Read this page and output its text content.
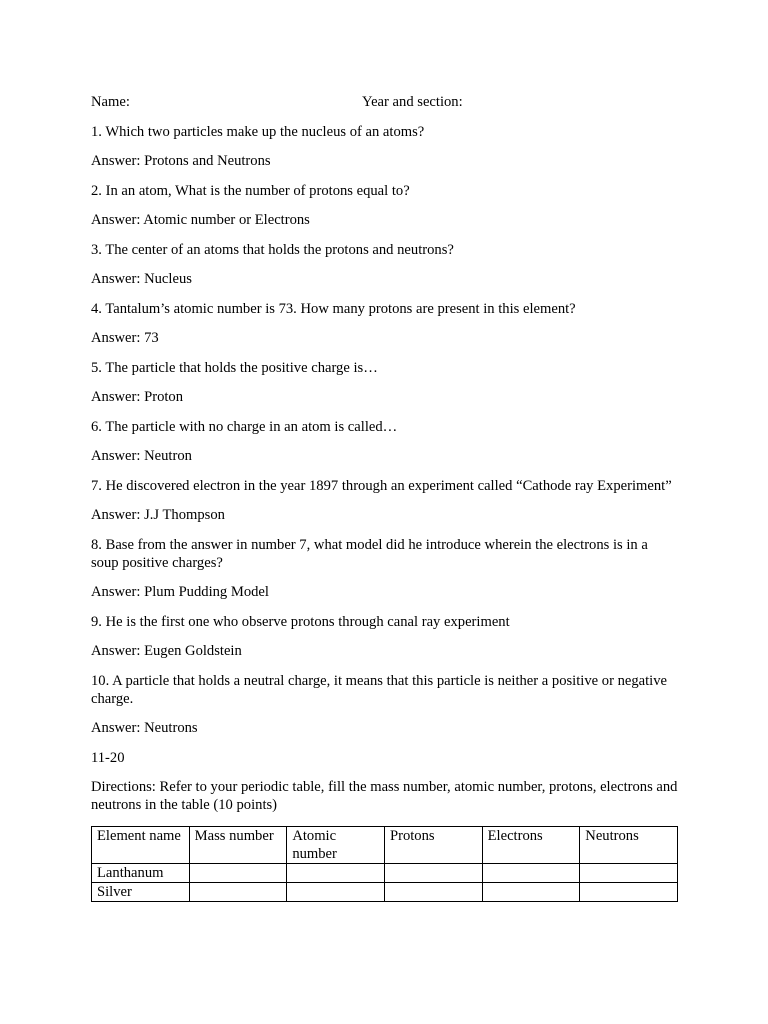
Name:	Year and section:

1. Which two particles make up the nucleus of an atoms?

Answer: Protons and Neutrons

2. In an atom, What is the number of protons equal to?

Answer: Atomic number or Electrons

3. The center of an atoms that holds the protons and neutrons?

Answer: Nucleus

4. Tantalum’s atomic number is 73. How many protons are present in this element?

Answer: 73

5. The particle that holds the positive charge is…

Answer: Proton

6. The particle with no charge in an atom is called…

Answer: Neutron

7. He discovered electron in the year 1897 through an experiment called “Cathode ray Experiment”

Answer: J.J Thompson

8. Base from the answer in number 7, what model did he introduce wherein the electrons is in a soup positive charges?

Answer: Plum Pudding Model

9. He is the first one who observe protons through canal ray experiment

Answer: Eugen Goldstein

10. A particle that holds a neutral charge, it means that this particle is neither a positive or negative charge.

Answer: Neutrons

11-20

Directions: Refer to your periodic table, fill the mass number, atomic number, protons, electrons and neutrons in the table (10 points)

Element name	Mass number	Atomic number	Protons	Electrons	Neutrons
Lanthanum					
Silver					
